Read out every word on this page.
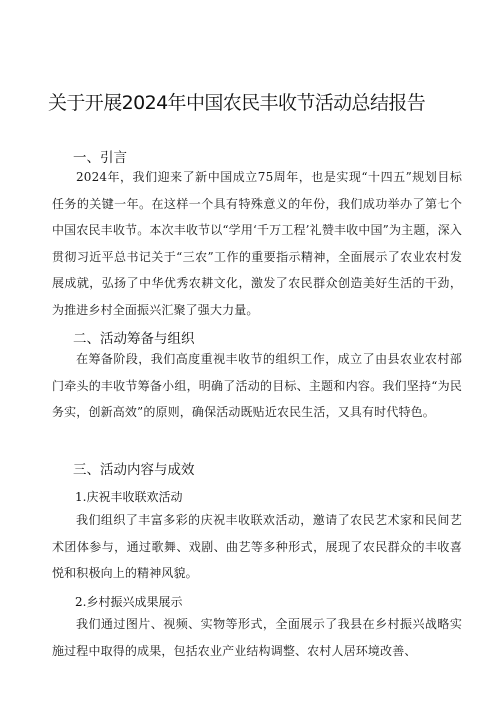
关于开展2024年中国农民丰收节活动总结报告
一、引言
2024年，我们迎来了新中国成立75周年，也是实现“十四五”规划目标任务的关键一年。在这样一个具有特殊意义的年份，我们成功举办了第七个中国农民丰收节。本次丰收节以“学用‘千万工程’礼赞丰收中国”为主题，深入贯彻习近平总书记关于“三农”工作的重要指示精神，全面展示了农业农村发展成就，弘扬了中华优秀农耕文化，激发了农民群众创造美好生活的干劲，为推进乡村全面振兴汇聚了强大力量。
二、活动筹备与组织
在筹备阶段，我们高度重视丰收节的组织工作，成立了由县农业农村部门牵头的丰收节筹备小组，明确了活动的目标、主题和内容。我们坚持“为民务实，创新高效”的原则，确保活动既贴近农民生活，又具有时代特色。
三、活动内容与成效
1.庆祝丰收联欢活动
我们组织了丰富多彩的庆祝丰收联欢活动，邀请了农民艺术家和民间艺术团体参与，通过歌舞、戏剧、曲艺等多种形式，展现了农民群众的丰收喜悦和积极向上的精神风貌。
2.乡村振兴成果展示
我们通过图片、视频、实物等形式，全面展示了我县在乡村振兴战略实施过程中取得的成果，包括农业产业结构调整、农村人居环境改善、
